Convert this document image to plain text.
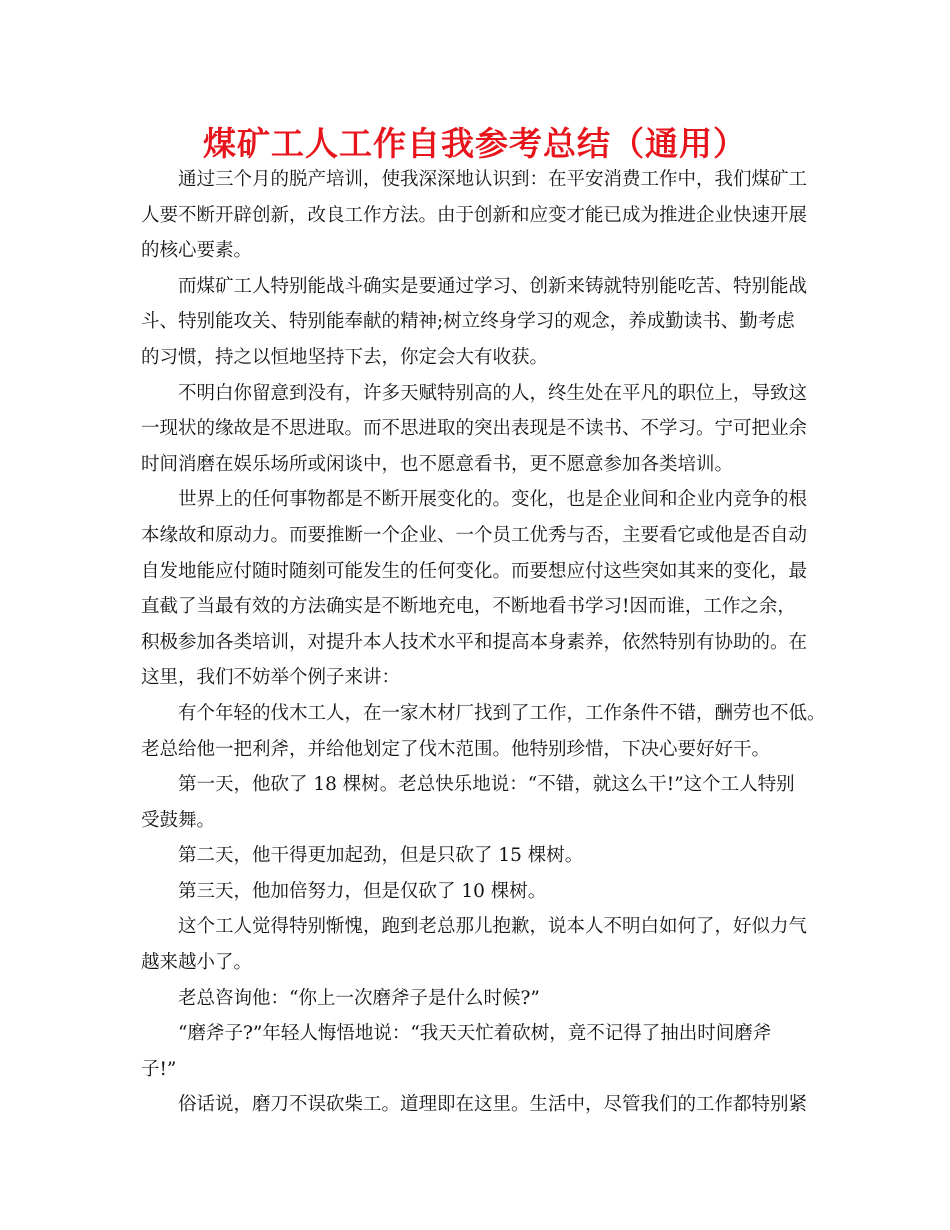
煤矿工人工作自我参考总结（通用）

通过三个月的脱产培训，使我深深地认识到：在平安消费工作中，我们煤矿工
人要不断开辟创新，改良工作方法。由于创新和应变才能已成为推进企业快速开展
的核心要素。

而煤矿工人特别能战斗确实是要通过学习、创新来铸就特别能吃苦、特别能战
斗、特别能攻关、特别能奉献的精神;树立终身学习的观念，养成勤读书、勤考虑
的习惯，持之以恒地坚持下去，你定会大有收获。

不明白你留意到没有，许多天赋特别高的人，终生处在平凡的职位上，导致这
一现状的缘故是不思进取。而不思进取的突出表现是不读书、不学习。宁可把业余
时间消磨在娱乐场所或闲谈中，也不愿意看书，更不愿意参加各类培训。

世界上的任何事物都是不断开展变化的。变化，也是企业间和企业内竞争的根
本缘故和原动力。而要推断一个企业、一个员工优秀与否，主要看它或他是否自动
自发地能应付随时随刻可能发生的任何变化。而要想应付这些突如其来的变化，最
直截了当最有效的方法确实是不断地充电，不断地看书学习!因而谁，工作之余，
积极参加各类培训，对提升本人技术水平和提高本身素养，依然特别有协助的。在
这里，我们不妨举个例子来讲：

有个年轻的伐木工人，在一家木材厂找到了工作，工作条件不错，酬劳也不低。
老总给他一把利斧，并给他划定了伐木范围。他特别珍惜，下决心要好好干。

第一天，他砍了 18 棵树。老总快乐地说：“不错，就这么干!”这个工人特别
受鼓舞。

第二天，他干得更加起劲，但是只砍了 15 棵树。

第三天，他加倍努力，但是仅砍了 10 棵树。

这个工人觉得特别惭愧，跑到老总那儿抱歉，说本人不明白如何了，好似力气
越来越小了。

老总咨询他：“你上一次磨斧子是什么时候?”

“磨斧子?”年轻人悔悟地说：“我天天忙着砍树，竟不记得了抽出时间磨斧
子!”

俗话说，磨刀不误砍柴工。道理即在这里。生活中，尽管我们的工作都特别紧
